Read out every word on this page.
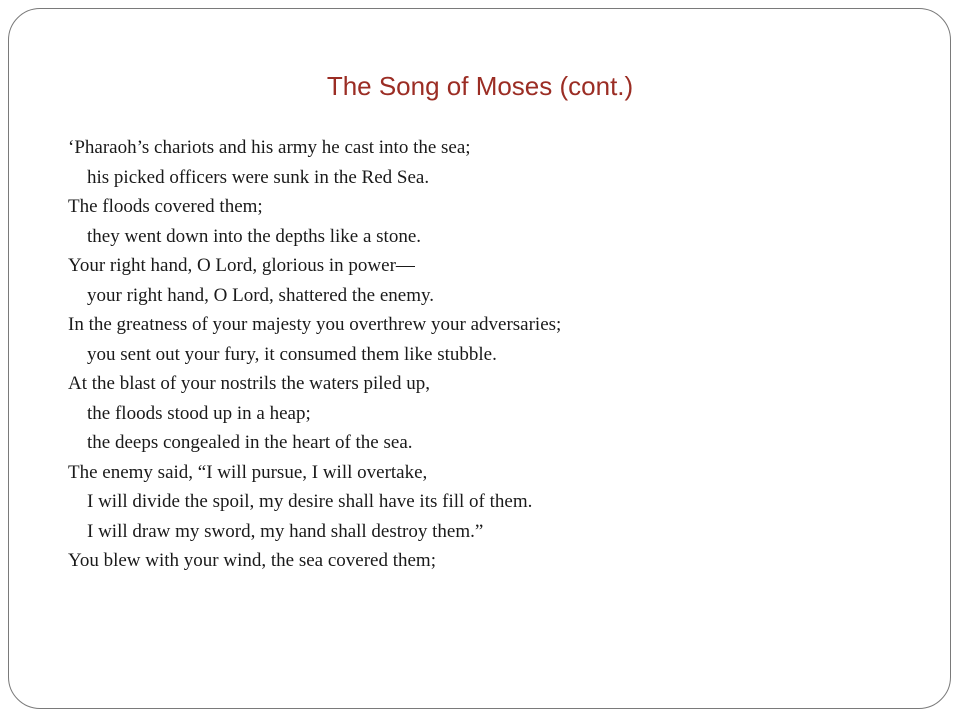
The Song of Moses (cont.)
‘Pharaoh’s chariots and his army he cast into the sea;
his picked officers were sunk in the Red Sea.
The floods covered them;
they went down into the depths like a stone.
Your right hand, O Lord, glorious in power—
your right hand, O Lord, shattered the enemy.
In the greatness of your majesty you overthrew your adversaries;
you sent out your fury, it consumed them like stubble.
At the blast of your nostrils the waters piled up,
the floods stood up in a heap;
the deeps congealed in the heart of the sea.
The enemy said, “I will pursue, I will overtake,
I will divide the spoil, my desire shall have its fill of them.
I will draw my sword, my hand shall destroy them.”
You blew with your wind, the sea covered them;
